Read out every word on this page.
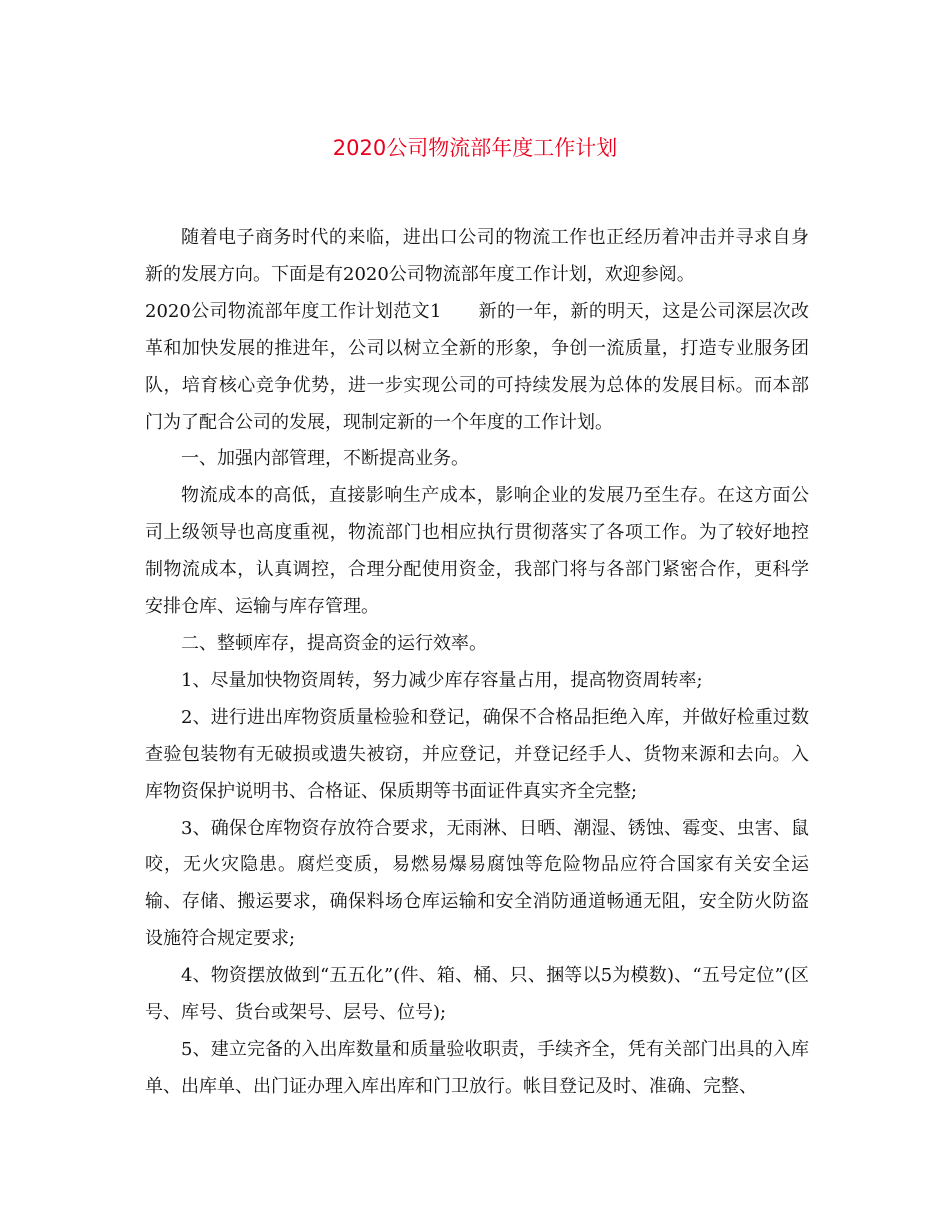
2020公司物流部年度工作计划

随着电子商务时代的来临，进出口公司的物流工作也正经历着冲击并寻求自身新的发展方向。下面是有2020公司物流部年度工作计划，欢迎参阅。

2020公司物流部年度工作计划范文1　　新的一年，新的明天，这是公司深层次改革和加快发展的推进年，公司以树立全新的形象，争创一流质量，打造专业服务团队，培育核心竞争优势，进一步实现公司的可持续发展为总体的发展目标。而本部门为了配合公司的发展，现制定新的一个年度的工作计划。

一、加强内部管理，不断提高业务。

物流成本的高低，直接影响生产成本，影响企业的发展乃至生存。在这方面公司上级领导也高度重视，物流部门也相应执行贯彻落实了各项工作。为了较好地控制物流成本，认真调控，合理分配使用资金，我部门将与各部门紧密合作，更科学安排仓库、运输与库存管理。

二、整顿库存，提高资金的运行效率。

1、尽量加快物资周转，努力减少库存容量占用，提高物资周转率;

2、进行进出库物资质量检验和登记，确保不合格品拒绝入库，并做好检重过数查验包装物有无破损或遗失被窃，并应登记，并登记经手人、货物来源和去向。入库物资保护说明书、合格证、保质期等书面证件真实齐全完整;

3、确保仓库物资存放符合要求，无雨淋、日晒、潮湿、锈蚀、霉变、虫害、鼠咬，无火灾隐患。腐烂变质，易燃易爆易腐蚀等危险物品应符合国家有关安全运输、存储、搬运要求，确保料场仓库运输和安全消防通道畅通无阻，安全防火防盗设施符合规定要求;

4、物资摆放做到“五五化”(件、箱、桶、只、捆等以5为模数)、“五号定位”(区号、库号、货台或架号、层号、位号);

5、建立完备的入出库数量和质量验收职责，手续齐全，凭有关部门出具的入库单、出库单、出门证办理入库出库和门卫放行。帐目登记及时、准确、完整、
